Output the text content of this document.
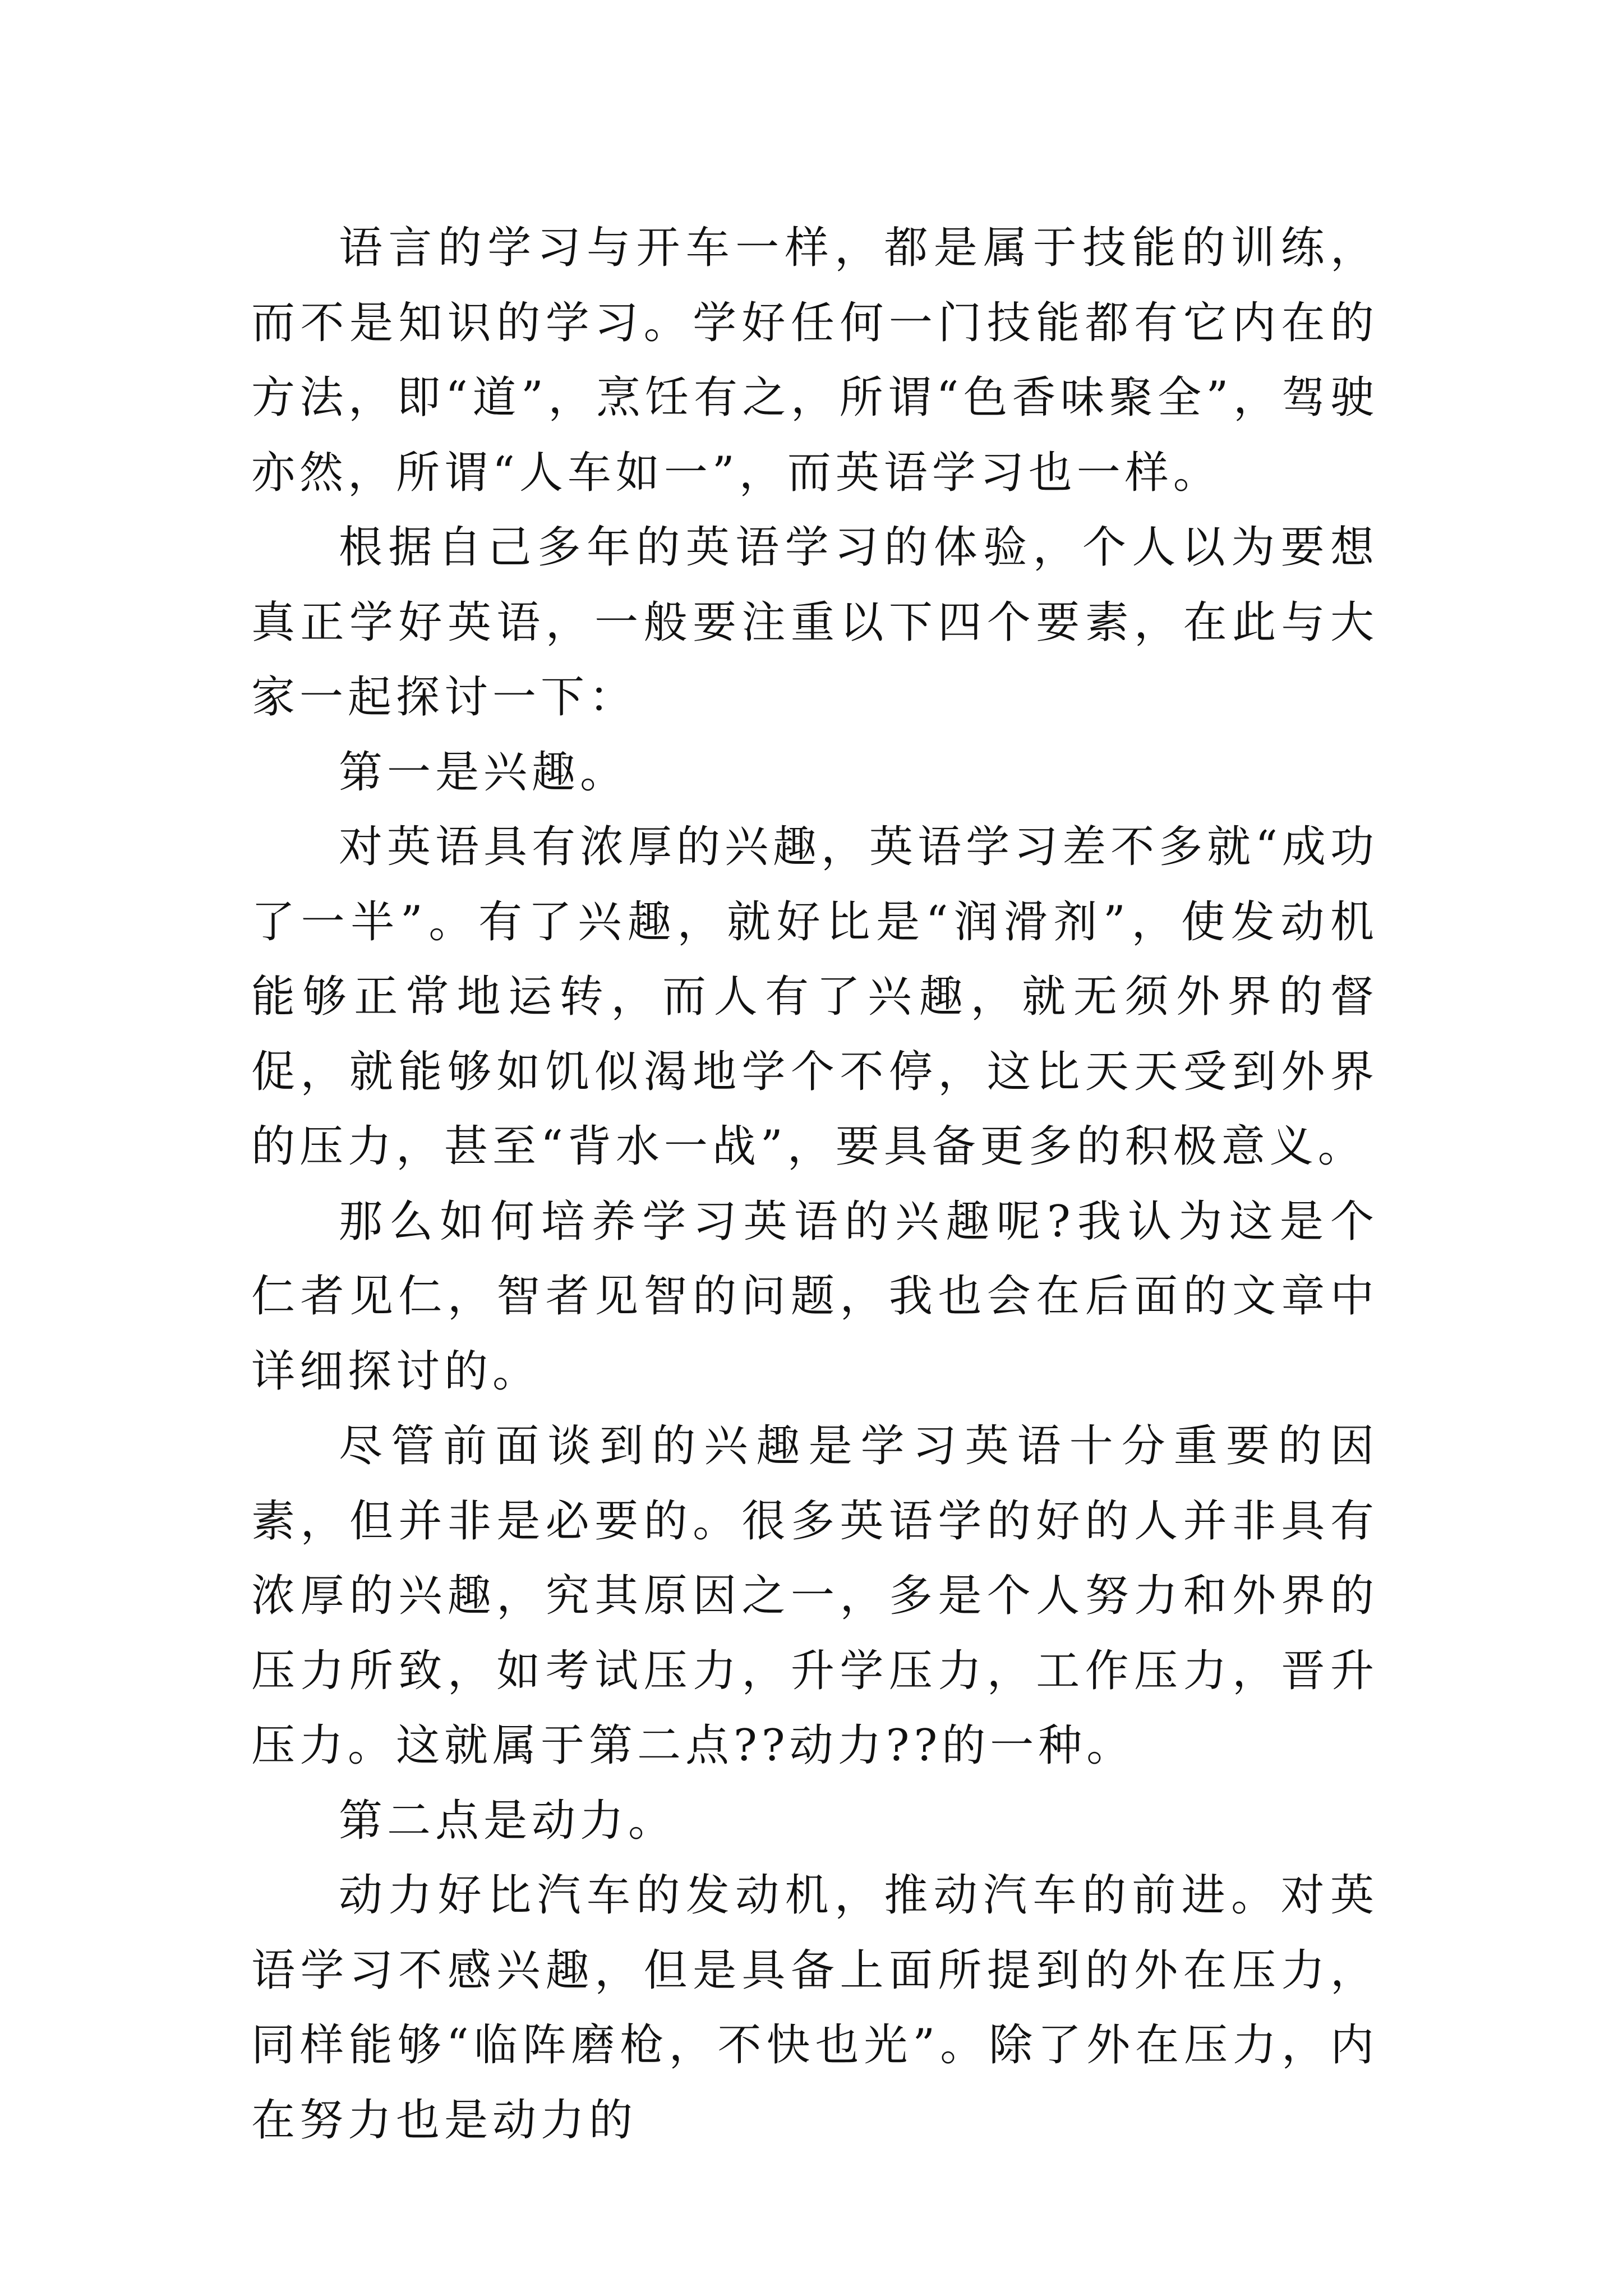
语言的学习与开车一样，都是属于技能的训练，而不是知识的学习。学好任何一门技能都有它内在的方法，即“道”，烹饪有之，所谓“色香味聚全”，驾驶亦然，所谓“人车如一”，而英语学习也一样。

根据自己多年的英语学习的体验，个人以为要想真正学好英语，一般要注重以下四个要素，在此与大家一起探讨一下：

第一是兴趣。

对英语具有浓厚的兴趣，英语学习差不多就“成功了一半”。有了兴趣，就好比是“润滑剂”，使发动机能够正常地运转，而人有了兴趣，就无须外界的督促，就能够如饥似渴地学个不停，这比天天受到外界的压力，甚至“背水一战”，要具备更多的积极意义。

那么如何培养学习英语的兴趣呢?我认为这是个仁者见仁，智者见智的问题，我也会在后面的文章中详细探讨的。

尽管前面谈到的兴趣是学习英语十分重要的因素，但并非是必要的。很多英语学的好的人并非具有浓厚的兴趣，究其原因之一，多是个人努力和外界的压力所致，如考试压力，升学压力，工作压力，晋升压力。这就属于第二点??动力??的一种。

第二点是动力。

动力好比汽车的发动机，推动汽车的前进。对英语学习不感兴趣，但是具备上面所提到的外在压力，同样能够“临阵磨枪，不快也光”。除了外在压力，内在努力也是动力的
